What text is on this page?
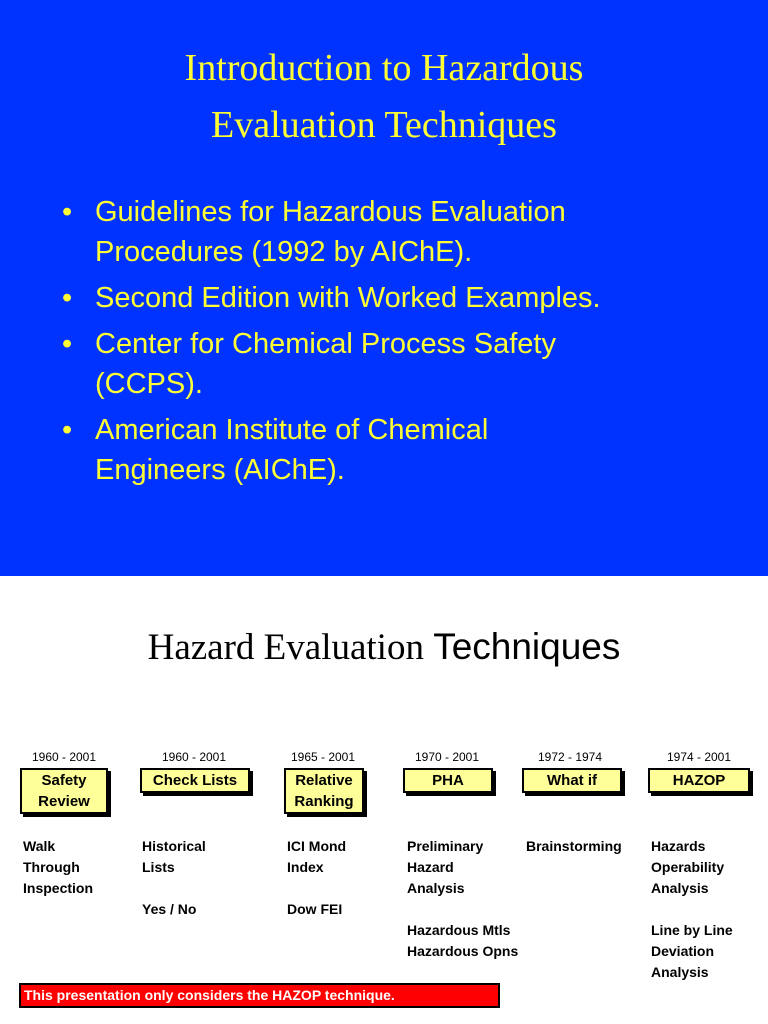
Introduction to Hazardous
Evaluation Techniques
• Guidelines for Hazardous Evaluation
Procedures (1992 by AIChE).
• Second Edition with Worked Examples.
• Center for Chemical Process Safety
(CCPS).
• American Institute of Chemical
Engineers (AIChE).
Hazard Evaluation Techniques
1960 - 2001
Safety
Review
Walk
Through
Inspection
1960 - 2001
Check Lists
Historical
Lists
Yes / No
1965 - 2001
Relative
Ranking
ICI Mond
Index
Dow FEI
1970 - 2001
PHA
Preliminary
Hazard
Analysis
Hazardous Mtls
Hazardous Opns
1972 - 1974
What if
Brainstorming
1974 - 2001
HAZOP
Hazards
Operability
Analysis
Line by Line
Deviation
Analysis
This presentation only considers the HAZOP technique.
